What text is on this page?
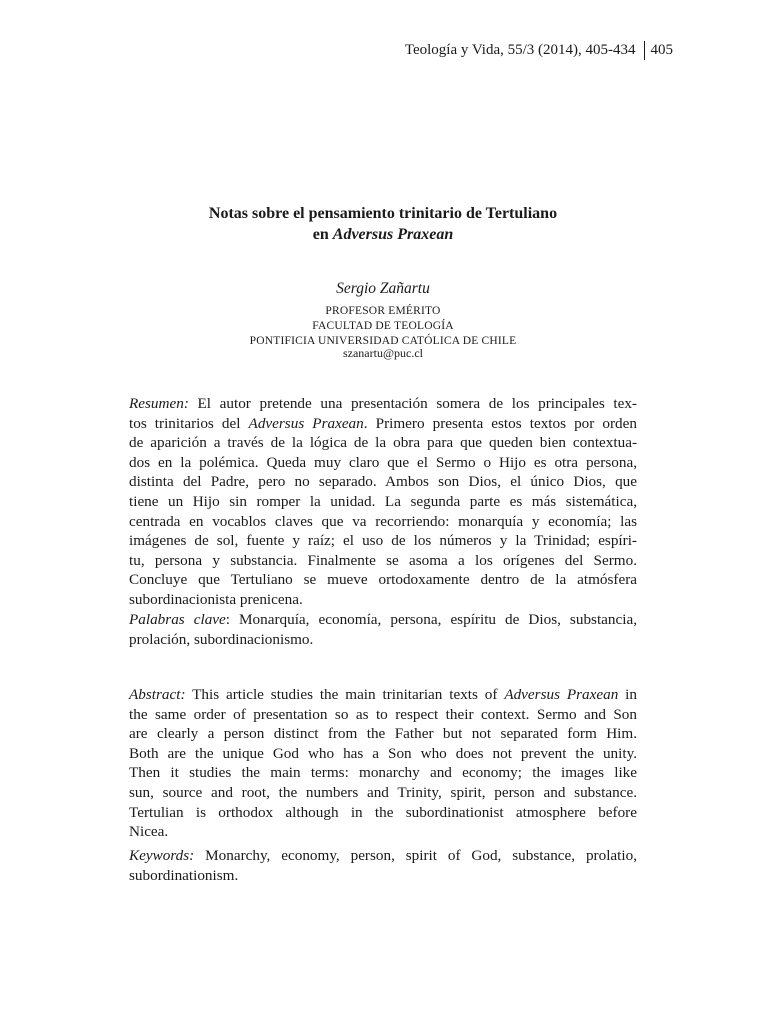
Teología y Vida, 55/3 (2014), 405-434 405
Notas sobre el pensamiento trinitario de Tertuliano
en Adversus Praxean
Sergio Zañartu
PROFESOR EMÉRITO
FACULTAD DE TEOLOGÍA
PONTIFICIA UNIVERSIDAD CATÓLICA DE CHILE
szanartu@puc.cl
Resumen: El autor pretende una presentación somera de los principales tex-
tos trinitarios del Adversus Praxean. Primero presenta estos textos por orden
de aparición a través de la lógica de la obra para que queden bien contextua-
dos en la polémica. Queda muy claro que el Sermo o Hijo es otra persona,
distinta del Padre, pero no separado. Ambos son Dios, el único Dios, que
tiene un Hijo sin romper la unidad. La segunda parte es más sistemática,
centrada en vocablos claves que va recorriendo: monarquía y economía; las
imágenes de sol, fuente y raíz; el uso de los números y la Trinidad; espíri-
tu, persona y substancia. Finalmente se asoma a los orígenes del Sermo.
Concluye que Tertuliano se mueve ortodoxamente dentro de la atmósfera
subordinacionista prenicena.
Palabras clave: Monarquía, economía, persona, espíritu de Dios, substancia,
prolación, subordinacionismo.
Abstract: This article studies the main trinitarian texts of Adversus Praxean in
the same order of presentation so as to respect their context. Sermo and Son
are clearly a person distinct from the Father but not separated form Him.
Both are the unique God who has a Son who does not prevent the unity.
Then it studies the main terms: monarchy and economy; the images like
sun, source and root, the numbers and Trinity, spirit, person and substance.
Tertulian is orthodox although in the subordinationist atmosphere before
Nicea.
Keywords: Monarchy, economy, person, spirit of God, substance, prolatio,
subordinationism.
